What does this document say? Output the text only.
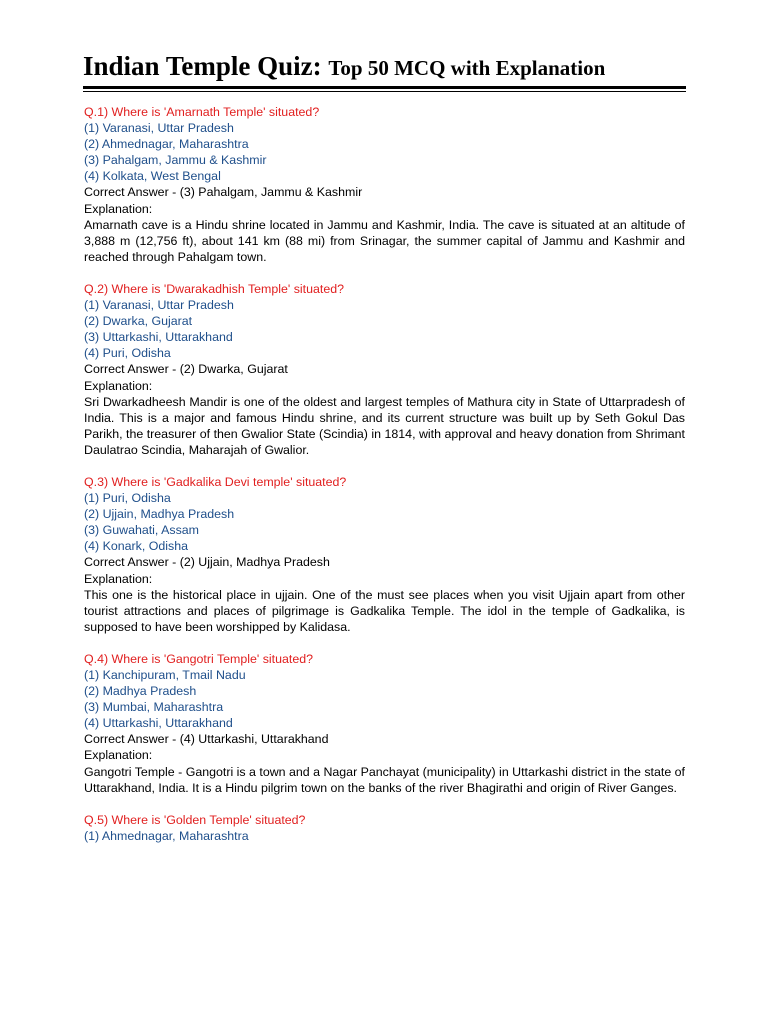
Indian Temple Quiz: Top 50 MCQ with Explanation
Q.1) Where is 'Amarnath Temple' situated?
(1) Varanasi, Uttar Pradesh
(2) Ahmednagar, Maharashtra
(3) Pahalgam, Jammu & Kashmir
(4) Kolkata, West Bengal
Correct Answer - (3) Pahalgam, Jammu & Kashmir
Explanation:
Amarnath cave is a Hindu shrine located in Jammu and Kashmir, India. The cave is situated at an altitude of 3,888 m (12,756 ft), about 141 km (88 mi) from Srinagar, the summer capital of Jammu and Kashmir and reached through Pahalgam town.
Q.2) Where is 'Dwarakadhish Temple' situated?
(1) Varanasi, Uttar Pradesh
(2) Dwarka, Gujarat
(3) Uttarkashi, Uttarakhand
(4) Puri, Odisha
Correct Answer - (2) Dwarka, Gujarat
Explanation:
Sri Dwarkadheesh Mandir is one of the oldest and largest temples of Mathura city in State of Uttarpradesh of India. This is a major and famous Hindu shrine, and its current structure was built up by Seth Gokul Das Parikh, the treasurer of then Gwalior State (Scindia) in 1814, with approval and heavy donation from Shrimant Daulatrao Scindia, Maharajah of Gwalior.
Q.3) Where is 'Gadkalika Devi temple' situated?
(1) Puri, Odisha
(2) Ujjain, Madhya Pradesh
(3) Guwahati, Assam
(4) Konark, Odisha
Correct Answer - (2) Ujjain, Madhya Pradesh
Explanation:
This one is the historical place in ujjain. One of the must see places when you visit Ujjain apart from other tourist attractions and places of pilgrimage is Gadkalika Temple. The idol in the temple of Gadkalika, is supposed to have been worshipped by Kalidasa.
Q.4) Where is 'Gangotri Temple' situated?
(1) Kanchipuram, Tmail Nadu
(2) Madhya Pradesh
(3) Mumbai, Maharashtra
(4) Uttarkashi, Uttarakhand
Correct Answer - (4) Uttarkashi, Uttarakhand
Explanation:
Gangotri Temple - Gangotri is a town and a Nagar Panchayat (municipality) in Uttarkashi district in the state of Uttarakhand, India. It is a Hindu pilgrim town on the banks of the river Bhagirathi and origin of River Ganges.
Q.5) Where is 'Golden Temple' situated?
(1) Ahmednagar, Maharashtra
